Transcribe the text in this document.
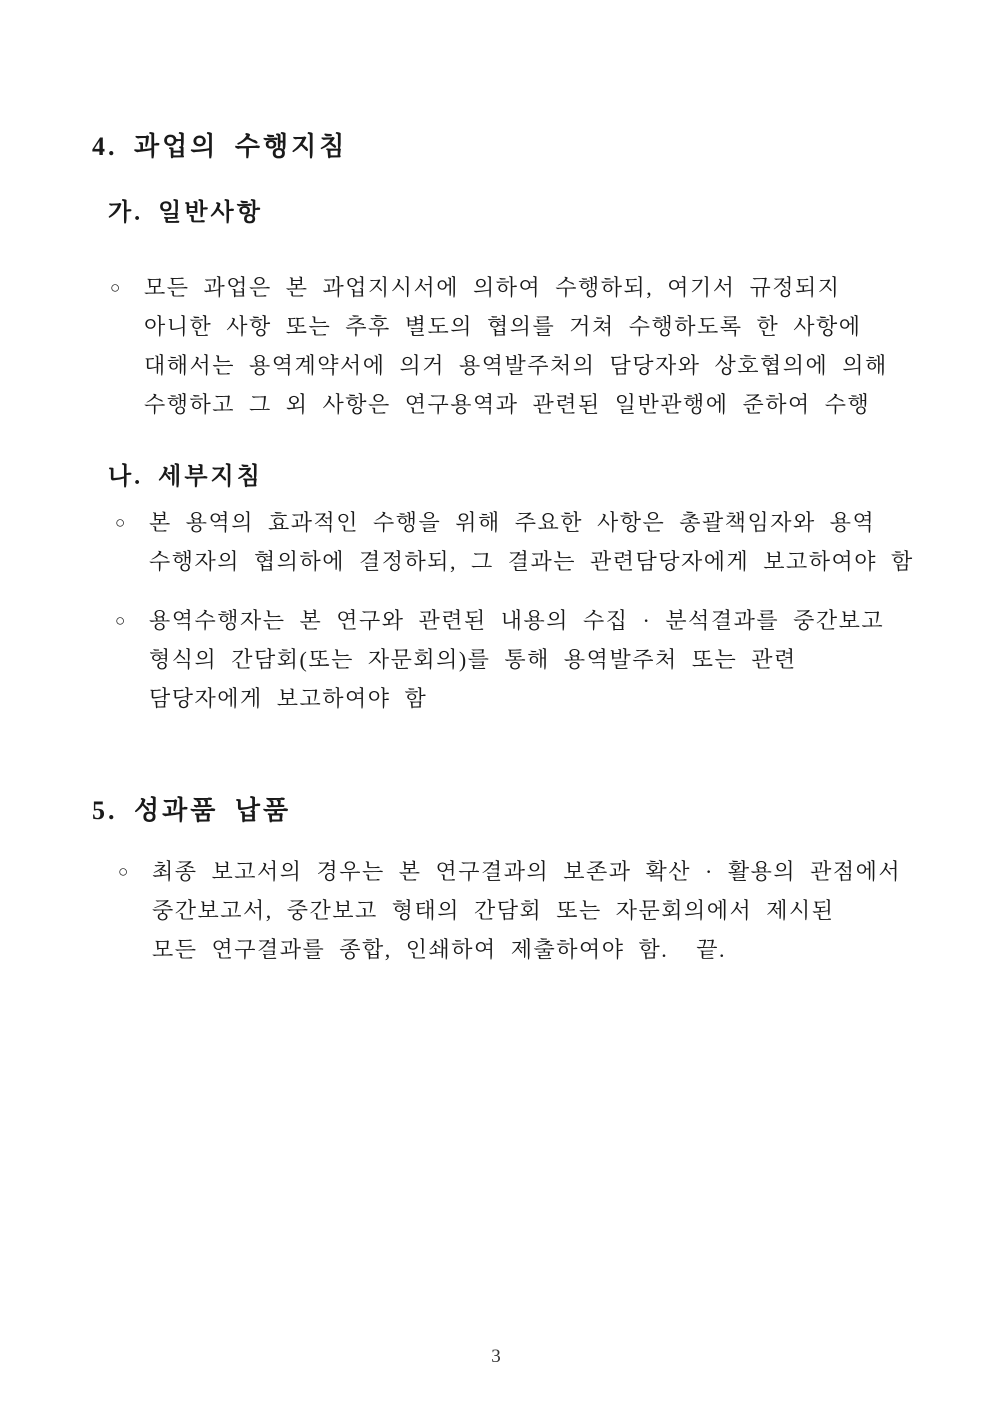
4. 과업의 수행지침
가. 일반사항
○	모든 과업은 본 과업지시서에 의하여 수행하되, 여기서 규정되지
아니한 사항 또는 추후 별도의 협의를 거쳐 수행하도록 한 사항에
대해서는 용역계약서에 의거 용역발주처의 담당자와 상호협의에 의해
수행하고 그 외 사항은 연구용역과 관련된 일반관행에 준하여 수행
나. 세부지침
○	본 용역의 효과적인 수행을 위해 주요한 사항은 총괄책임자와 용역
수행자의 협의하에 결정하되, 그 결과는 관련담당자에게 보고하여야 함
○	용역수행자는 본 연구와 관련된 내용의 수집 · 분석결과를 중간보고
형식의 간담회(또는 자문회의)를 통해 용역발주처 또는 관련
담당자에게 보고하여야 함
5. 성과품 납품
○	최종 보고서의 경우는 본 연구결과의 보존과 확산 · 활용의 관점에서
중간보고서, 중간보고 형태의 간담회 또는 자문회의에서 제시된
모든 연구결과를 종합, 인쇄하여 제출하여야 함.  끝.
3
